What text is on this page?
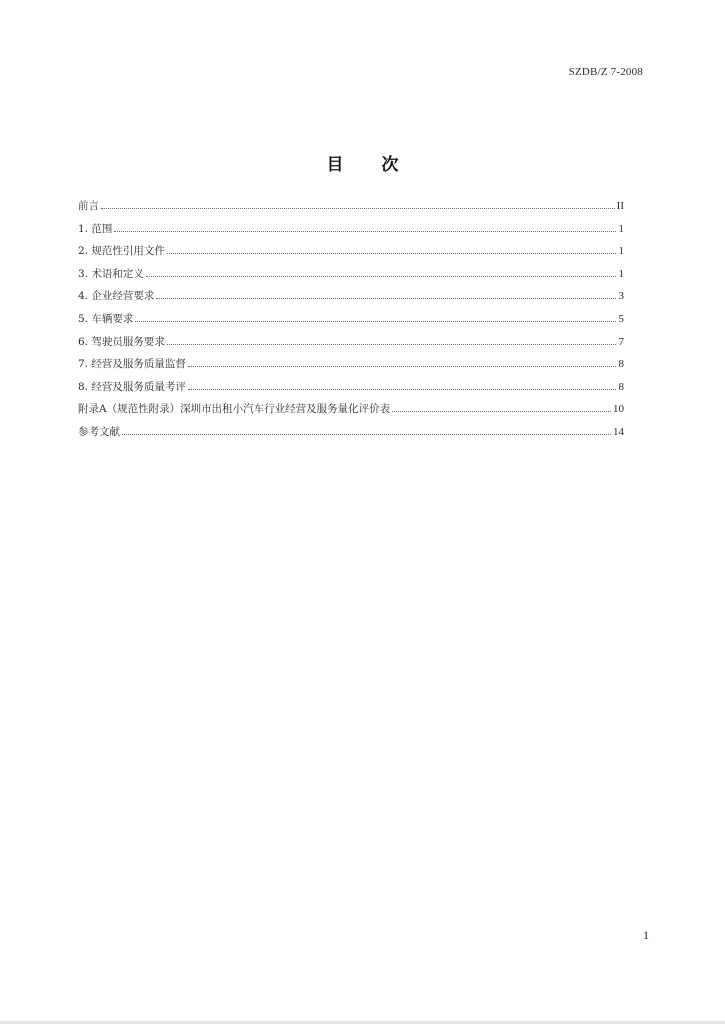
SZDB/Z 7-2008
目 次
前言	II
1. 范围	1
2. 规范性引用文件	1
3. 术语和定义	1
4. 企业经营要求	3
5. 车辆要求	5
6. 驾驶员服务要求	7
7. 经营及服务质量监督	8
8. 经营及服务质量考评	8
附录A（规范性附录）深圳市出租小汽车行业经营及服务量化评价表	10
参考文献	14
1
